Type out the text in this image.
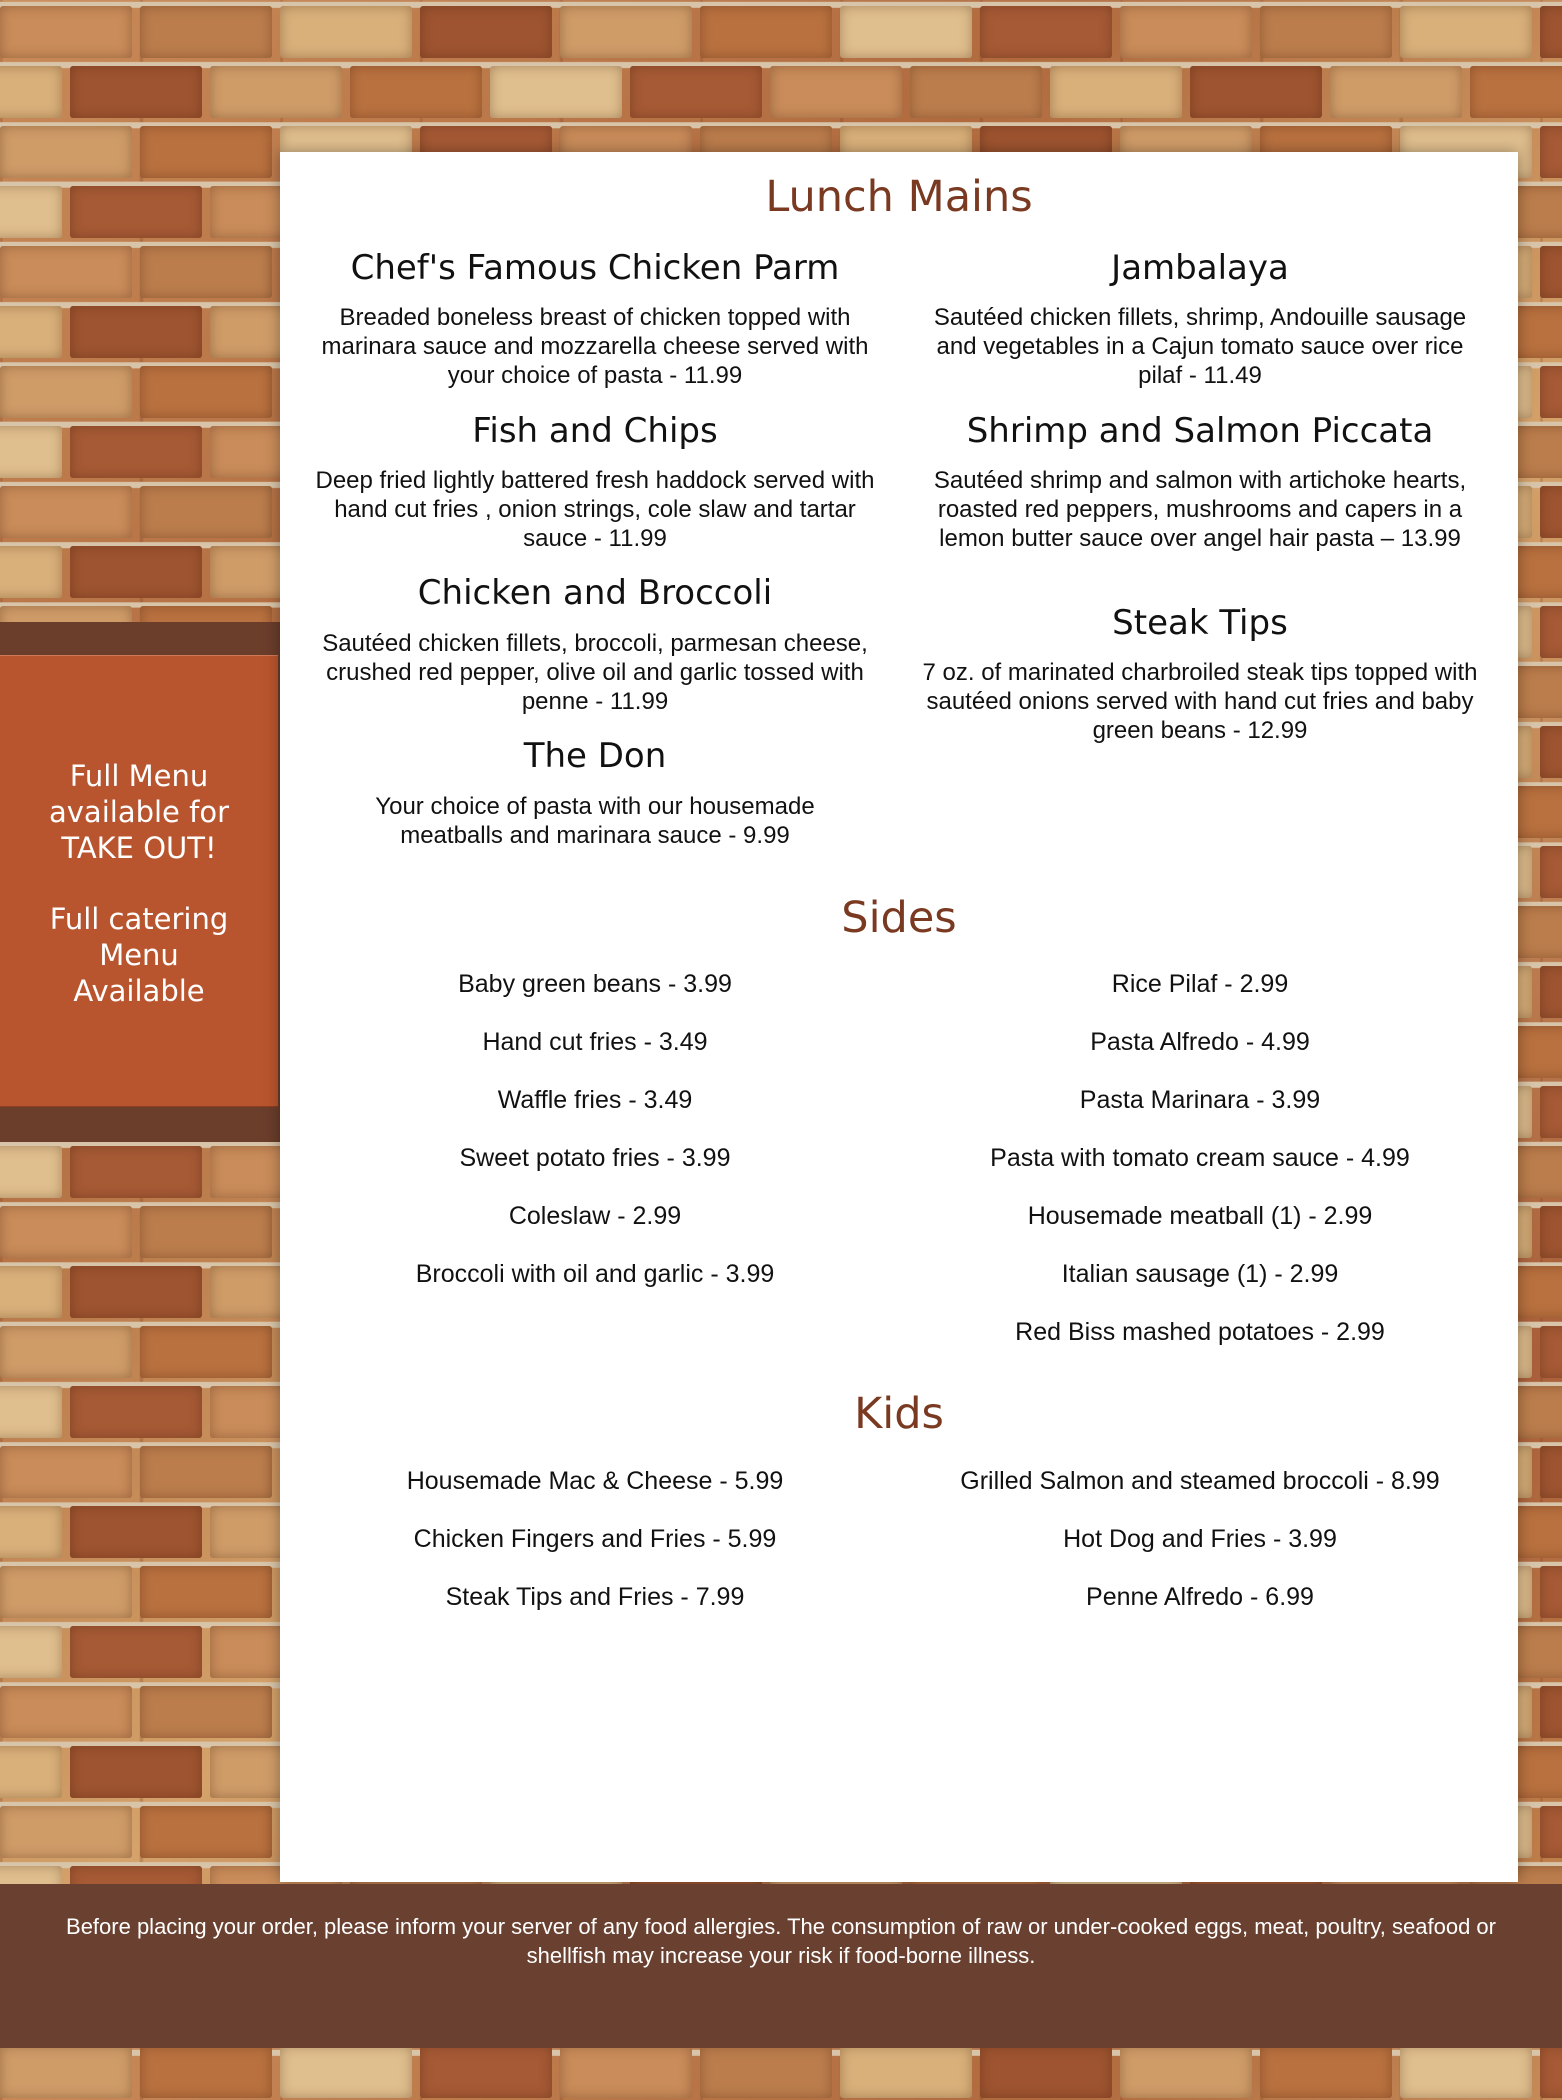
Full Menu
available for
TAKE OUT!
Full catering
Menu
Available
Lunch Mains
Chef's Famous Chicken Parm
Breaded boneless breast of chicken topped with marinara sauce and mozzarella cheese served with your choice of pasta - 11.99
Fish and Chips
Deep fried lightly battered fresh haddock served with hand cut fries , onion strings, cole slaw and tartar sauce - 11.99
Chicken and Broccoli
Sautéed chicken fillets, broccoli, parmesan cheese, crushed red pepper, olive oil and garlic tossed with penne - 11.99
The Don
Your choice of pasta with our housemade meatballs and marinara sauce - 9.99
Jambalaya
Sautéed chicken fillets, shrimp, Andouille sausage and vegetables in a Cajun tomato sauce over rice pilaf - 11.49
Shrimp and Salmon Piccata
Sautéed shrimp and salmon with artichoke hearts, roasted red peppers, mushrooms and capers in a lemon butter sauce over angel hair pasta – 13.99
Steak Tips
7 oz. of marinated charbroiled steak tips topped with sautéed onions served with hand cut fries and baby green beans - 12.99
Sides
Baby green beans - 3.99
Hand cut fries - 3.49
Waffle fries - 3.49
Sweet potato fries - 3.99
Coleslaw - 2.99
Broccoli with oil and garlic - 3.99
Rice Pilaf - 2.99
Pasta Alfredo - 4.99
Pasta Marinara - 3.99
Pasta with tomato cream sauce - 4.99
Housemade meatball (1) - 2.99
Italian sausage (1) - 2.99
Red Biss mashed potatoes - 2.99
Kids
Housemade Mac & Cheese - 5.99
Chicken Fingers and Fries - 5.99
Steak Tips and Fries - 7.99
Grilled Salmon and steamed broccoli - 8.99
Hot Dog and Fries - 3.99
Penne Alfredo - 6.99
Before placing your order, please inform your server of any food allergies. The consumption of raw or under-cooked eggs, meat, poultry, seafood or shellfish may increase your risk if food-borne illness.
